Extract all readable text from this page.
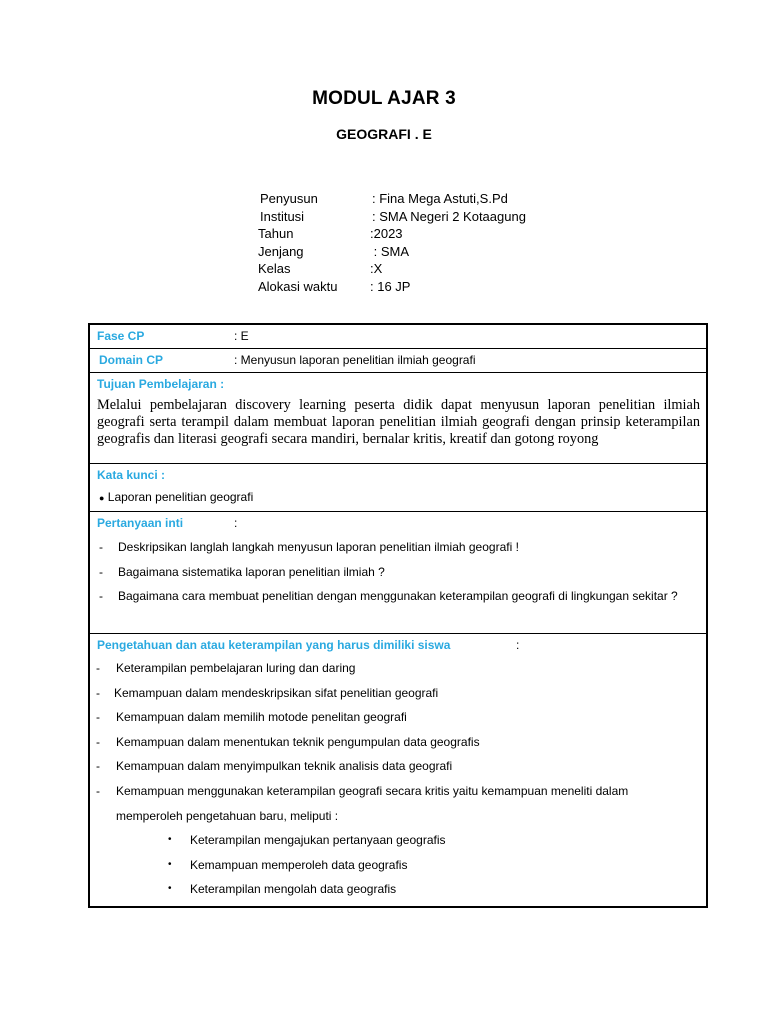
MODUL AJAR 3
GEOGRAFI . E
Penyusun	: Fina Mega Astuti,S.Pd
Institusi	: SMA Negeri 2 Kotaagung
Tahun	:2023
Jenjang	: SMA
Kelas	:X
Alokasi waktu	: 16 JP
Fase CP	: E
Domain CP	: Menyusun laporan penelitian ilmiah geografi
Tujuan Pembelajaran :
Melalui pembelajaran discovery learning peserta didik dapat menyusun laporan penelitian ilmiah geografi serta terampil dalam membuat laporan penelitian ilmiah geografi dengan prinsip keterampilan geografis dan literasi geografi secara mandiri, bernalar kritis, kreatif dan gotong royong
Kata kunci :
● Laporan penelitian geografi
Pertanyaan inti	:
-	Deskripsikan langlah langkah menyusun laporan penelitian ilmiah geografi !
-	Bagaimana sistematika laporan penelitian ilmiah ?
-	Bagaimana cara membuat penelitian dengan menggunakan keterampilan geografi di lingkungan sekitar ?
Pengetahuan dan atau keterampilan yang harus dimiliki siswa	:
- Keterampilan pembelajaran luring dan daring
- Kemampuan dalam mendeskripsikan sifat penelitian geografi
- Kemampuan dalam memilih motode penelitan geografi
- Kemampuan dalam menentukan teknik pengumpulan data geografis
- Kemampuan dalam menyimpulkan teknik analisis data geografi
- Kemampuan menggunakan keterampilan geografi secara kritis yaitu kemampuan meneliti dalam memperoleh pengetahuan baru, meliputi :
• Keterampilan mengajukan pertanyaan geografis
• Kemampuan memperoleh data geografis
• Keterampilan mengolah data geografis
